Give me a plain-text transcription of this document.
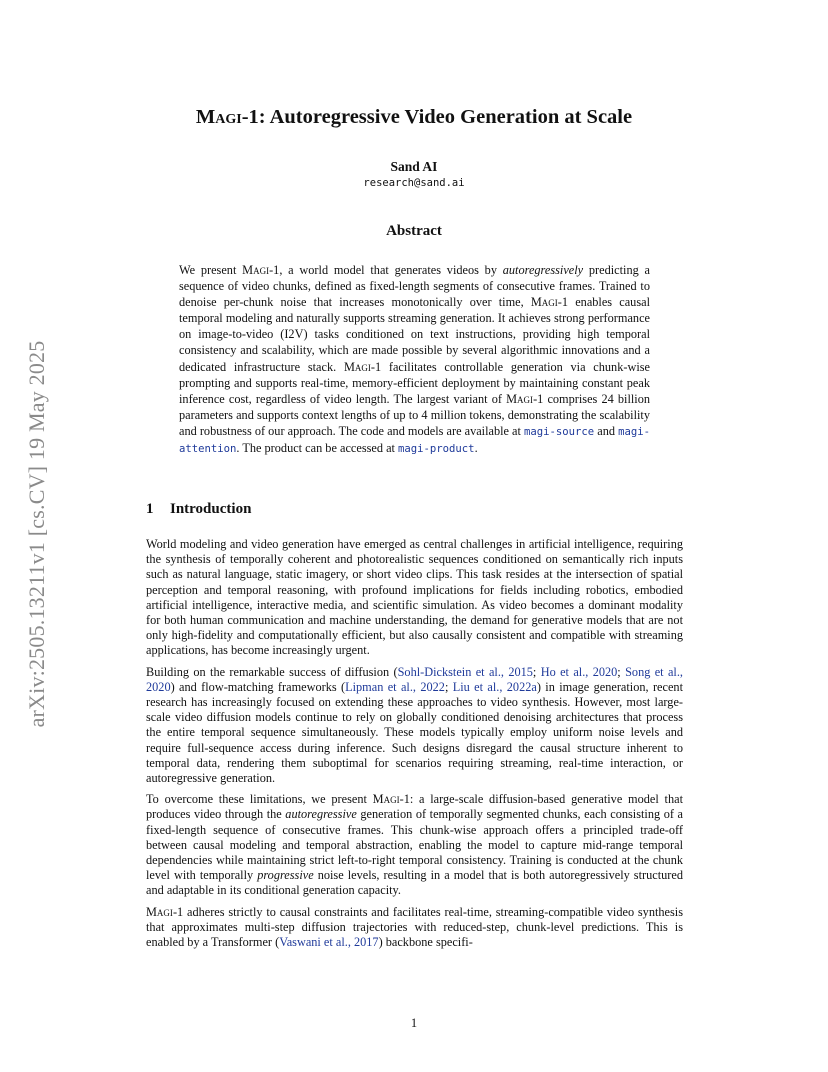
arXiv:2505.13211v1 [cs.CV] 19 May 2025
Magi-1: Autoregressive Video Generation at Scale
Sand AI
research@sand.ai
Abstract

We present Magi-1, a world model that generates videos by autoregressively predicting a sequence of video chunks, defined as fixed-length segments of consecutive frames. Trained to denoise per-chunk noise that increases monotonically over time, Magi-1 enables causal temporal modeling and naturally supports streaming generation. It achieves strong performance on image-to-video (I2V) tasks conditioned on text instructions, providing high temporal consistency and scalability, which are made possible by several algorithmic innovations and a dedicated infrastructure stack. Magi-1 facilitates controllable generation via chunk-wise prompting and supports real-time, memory-efficient deployment by maintaining constant peak inference cost, regardless of video length. The largest variant of Magi-1 comprises 24 billion parameters and supports context lengths of up to 4 million tokens, demonstrating the scalability and robustness of our approach. The code and models are available at magi-source and magi-attention. The product can be accessed at magi-product.

1 Introduction

World modeling and video generation have emerged as central challenges in artificial intelligence, requiring the synthesis of temporally coherent and photorealistic sequences conditioned on semantically rich inputs such as natural language, static imagery, or short video clips. This task resides at the intersection of spatial perception and temporal reasoning, with profound implications for fields including robotics, embodied artificial intelligence, interactive media, and scientific simulation. As video becomes a dominant modality for both human communication and machine understanding, the demand for generative models that are not only high-fidelity and computationally efficient, but also causally consistent and compatible with streaming applications, has become increasingly urgent.

Building on the remarkable success of diffusion (Sohl-Dickstein et al., 2015; Ho et al., 2020; Song et al., 2020) and flow-matching frameworks (Lipman et al., 2022; Liu et al., 2022a) in image generation, recent research has increasingly focused on extending these approaches to video synthesis. However, most large-scale video diffusion models continue to rely on globally conditioned denoising architectures that process the entire temporal sequence simultaneously. These models typically employ uniform noise levels and require full-sequence access during inference. Such designs disregard the causal structure inherent to temporal data, rendering them suboptimal for scenarios requiring streaming, real-time interaction, or autoregressive generation.

To overcome these limitations, we present Magi-1: a large-scale diffusion-based generative model that produces video through the autoregressive generation of temporally segmented chunks, each consisting of a fixed-length sequence of consecutive frames. This chunk-wise approach offers a principled trade-off between causal modeling and temporal abstraction, enabling the model to capture mid-range temporal dependencies while maintaining strict left-to-right temporal consistency. Training is conducted at the chunk level with temporally progressive noise levels, resulting in a model that is both autoregressively structured and adaptable in its conditional generation capacity.

Magi-1 adheres strictly to causal constraints and facilitates real-time, streaming-compatible video synthesis that approximates multi-step diffusion trajectories with reduced-step, chunk-level predictions. This is enabled by a Transformer (Vaswani et al., 2017) backbone specifi-

1
